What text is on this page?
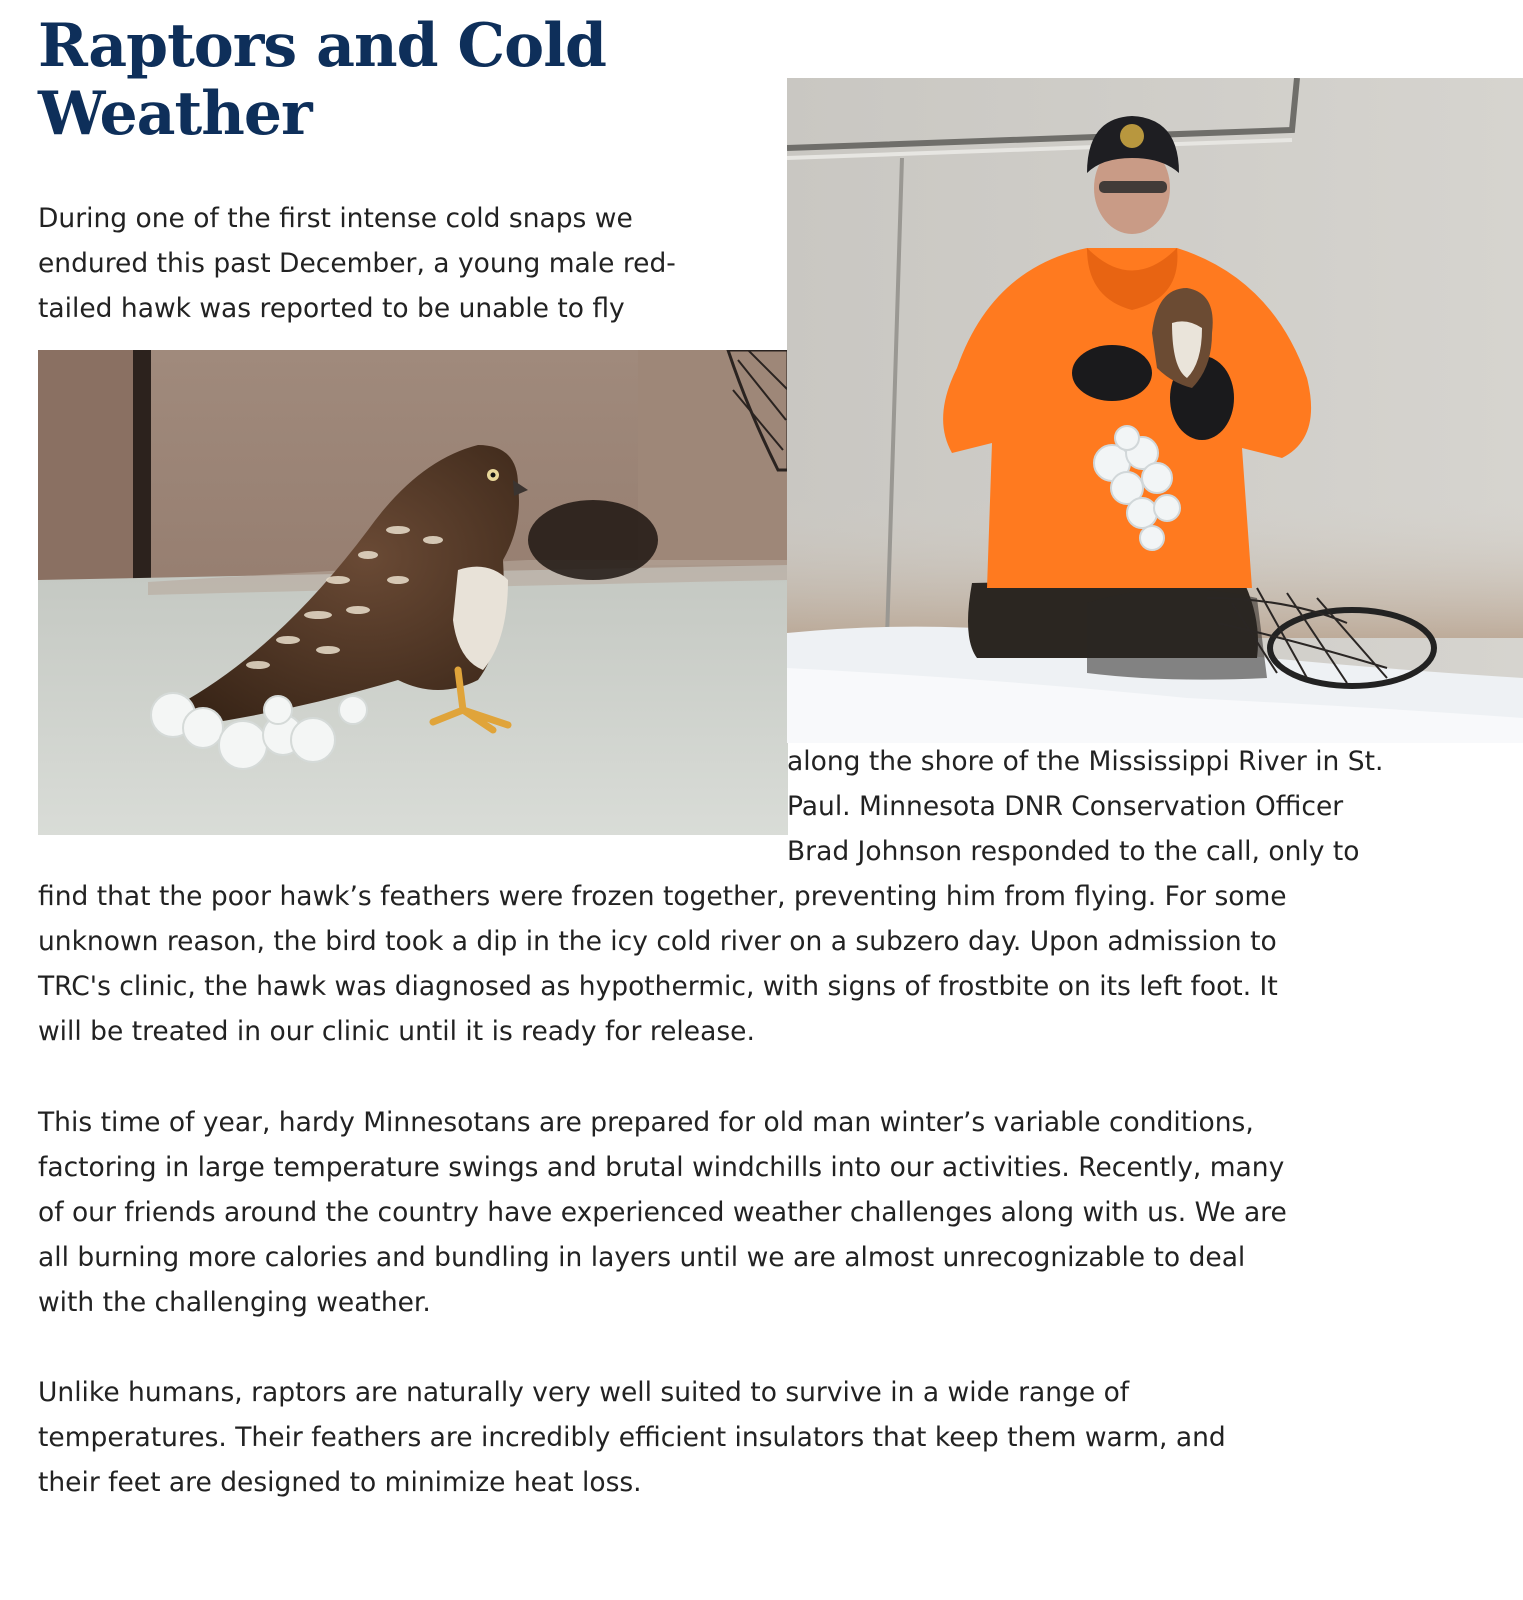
Raptors and Cold
Weather

During one of the first intense cold snaps we
endured this past December, a young male red-
tailed hawk was reported to be unable to fly

along the shore of the Mississippi River in St.
Paul. Minnesota DNR Conservation Officer
Brad Johnson responded to the call, only to

find that the poor hawk’s feathers were frozen together, preventing him from flying. For some
unknown reason, the bird took a dip in the icy cold river on a subzero day. Upon admission to
TRC's clinic, the hawk was diagnosed as hypothermic, with signs of frostbite on its left foot. It
will be treated in our clinic until it is ready for release.

This time of year, hardy Minnesotans are prepared for old man winter’s variable conditions,
factoring in large temperature swings and brutal windchills into our activities. Recently, many
of our friends around the country have experienced weather challenges along with us. We are
all burning more calories and bundling in layers until we are almost unrecognizable to deal
with the challenging weather.

Unlike humans, raptors are naturally very well suited to survive in a wide range of
temperatures. Their feathers are incredibly efficient insulators that keep them warm, and
their feet are designed to minimize heat loss.
